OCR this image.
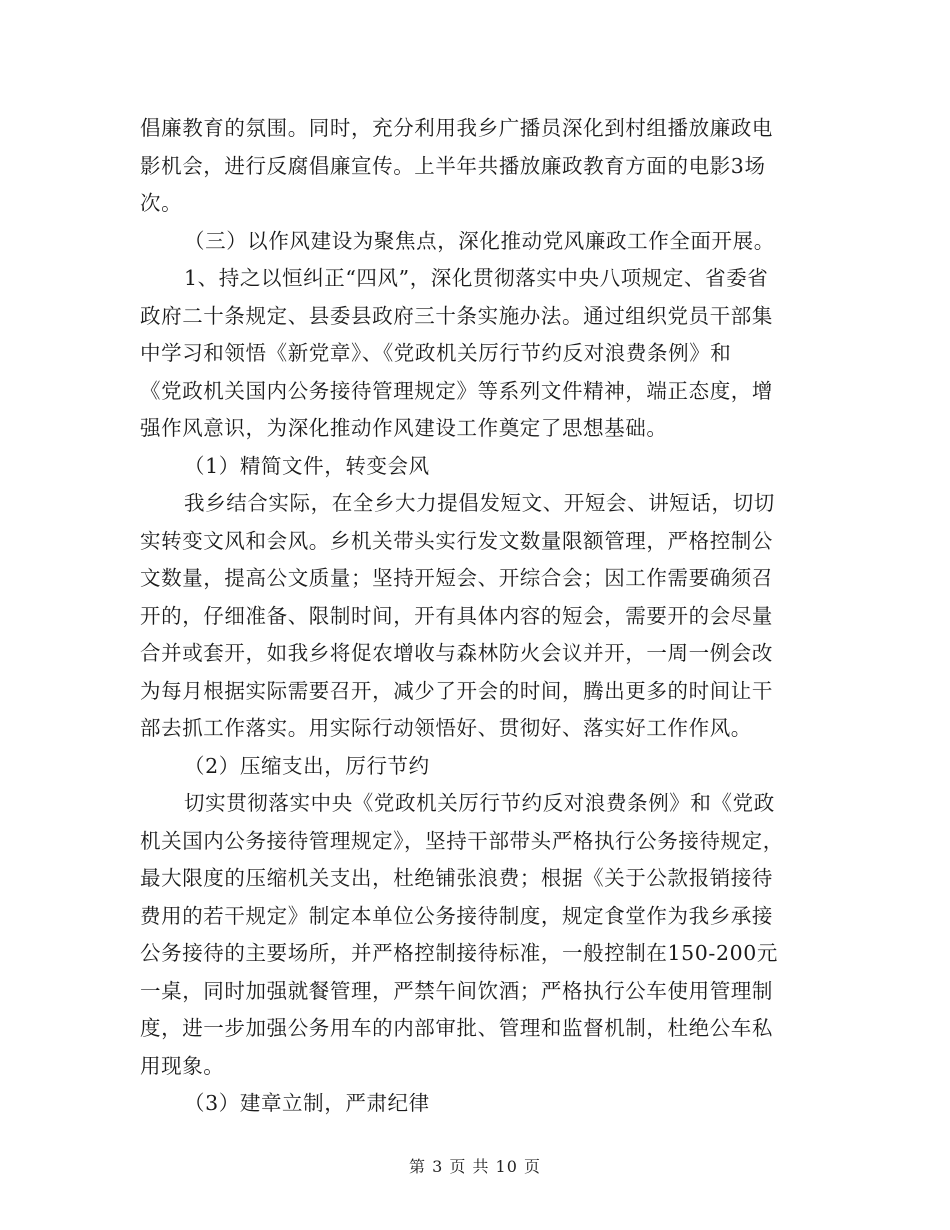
倡廉教育的氛围。同时，充分利用我乡广播员深化到村组播放廉政电
影机会，进行反腐倡廉宣传。上半年共播放廉政教育方面的电影3场
次。
（三）以作风建设为聚焦点，深化推动党风廉政工作全面开展。
1、持之以恒纠正“四风”，深化贯彻落实中央八项规定、省委省
政府二十条规定、县委县政府三十条实施办法。通过组织党员干部集
中学习和领悟《新党章》、《党政机关厉行节约反对浪费条例》和
《党政机关国内公务接待管理规定》等系列文件精神，端正态度，增
强作风意识，为深化推动作风建设工作奠定了思想基础。
（1）精简文件，转变会风
我乡结合实际，在全乡大力提倡发短文、开短会、讲短话，切切
实转变文风和会风。乡机关带头实行发文数量限额管理，严格控制公
文数量，提高公文质量；坚持开短会、开综合会；因工作需要确须召
开的，仔细准备、限制时间，开有具体内容的短会，需要开的会尽量
合并或套开，如我乡将促农增收与森林防火会议并开，一周一例会改
为每月根据实际需要召开，减少了开会的时间，腾出更多的时间让干
部去抓工作落实。用实际行动领悟好、贯彻好、落实好工作作风。
（2）压缩支出，厉行节约
切实贯彻落实中央《党政机关厉行节约反对浪费条例》和《党政
机关国内公务接待管理规定》，坚持干部带头严格执行公务接待规定，
最大限度的压缩机关支出，杜绝铺张浪费；根据《关于公款报销接待
费用的若干规定》制定本单位公务接待制度，规定食堂作为我乡承接
公务接待的主要场所，并严格控制接待标准，一般控制在150-200元
一桌，同时加强就餐管理，严禁午间饮酒；严格执行公车使用管理制
度，进一步加强公务用车的内部审批、管理和监督机制，杜绝公车私
用现象。
（3）建章立制，严肃纪律
第 3 页 共 10 页
